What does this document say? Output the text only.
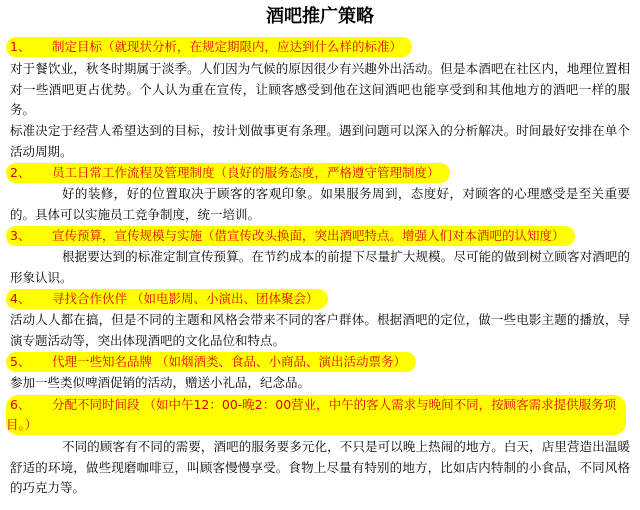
酒吧推广策略
1、 制定目标（就现状分析，在规定期限内，应达到什么样的标准）

对于餐饮业，秋冬时期属于淡季。人们因为气候的原因很少有兴趣外出活动。但是本酒吧在社区内，地理位置相对一些酒吧更占优势。个人认为重在宣传，让顾客感受到他在这间酒吧也能享受到和其他地方的酒吧一样的服务。

标准决定于经营人希望达到的目标，按计划做事更有条理。遇到问题可以深入的分析解决。时间最好安排在单个活动周期。

2、 员工日常工作流程及管理制度（良好的服务态度，严格遵守管理制度）

好的装修，好的位置取决于顾客的客观印象。如果服务周到，态度好，对顾客的心理感受是至关重要的。具体可以实施员工竞争制度，统一培训。

3、 宣传预算，宣传规模与实施（借宣传改头换面，突出酒吧特点。增强人们对本酒吧的认知度）

根据要达到的标准定制宣传预算。在节约成本的前提下尽量扩大规模。尽可能的做到树立顾客对酒吧的形象认识。

4、 寻找合作伙伴 （如电影周、小演出、团体聚会）

活动人人都在搞，但是不同的主题和风格会带来不同的客户群体。根据酒吧的定位，做一些电影主题的播放，导演专题活动等，突出体现酒吧的文化品位和特点。

5、 代理一些知名品牌 （如烟酒类、食品、小商品、演出活动票务）

参加一些类似啤酒促销的活动，赠送小礼品，纪念品。

6、 分配不同时间段 （如中午12：00-晚2：00营业，中午的客人需求与晚间不同，按顾客需求提供服务项目。）

不同的顾客有不同的需要，酒吧的服务要多元化，不只是可以晚上热闹的地方。白天，店里营造出温暖舒适的环境，做些现磨咖啡豆，叫顾客慢慢享受。食物上尽量有特别的地方，比如店内特制的小食品，不同风格的巧克力等。
